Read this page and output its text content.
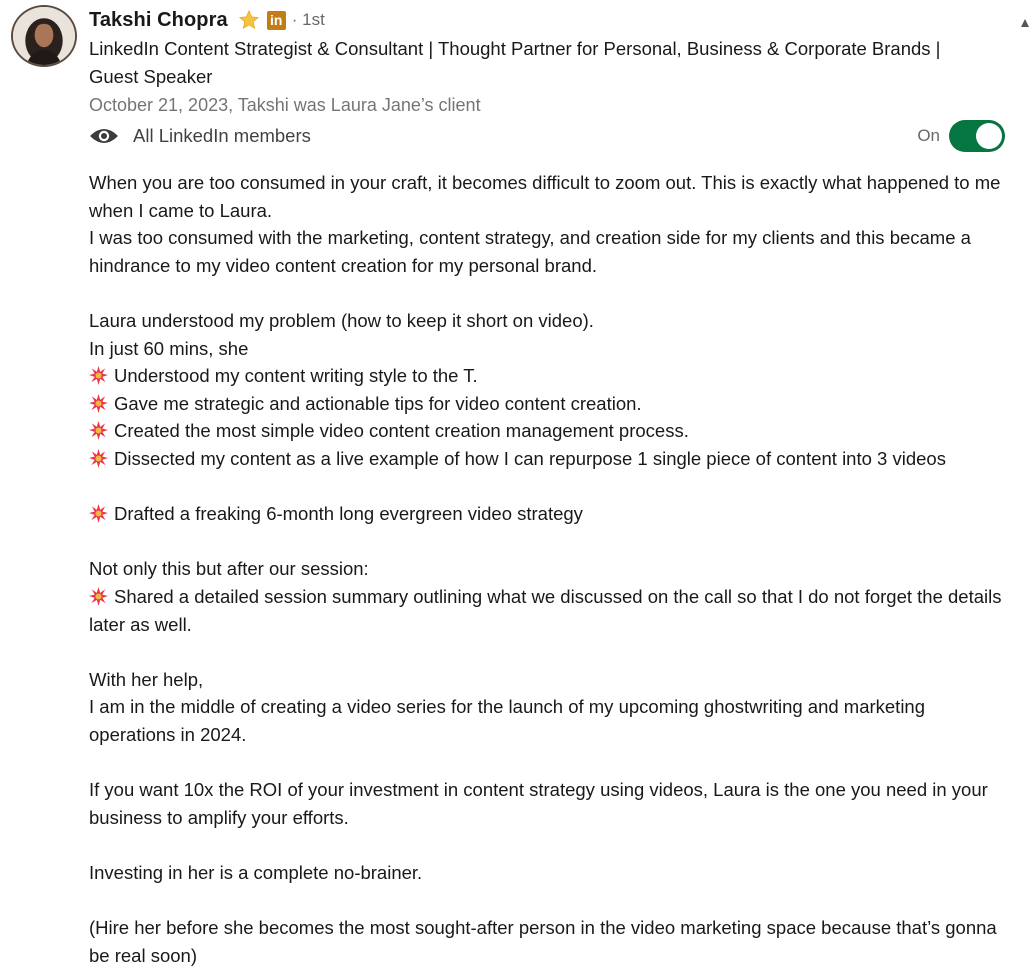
Takshi Chopra	in · 1st
LinkedIn Content Strategist & Consultant | Thought Partner for Personal, Business & Corporate Brands | Guest Speaker
October 21, 2023, Takshi was Laura Jane’s client
All LinkedIn members	On

When you are too consumed in your craft, it becomes difficult to zoom out. This is exactly what happened to me when I came to Laura.

I was too consumed with the marketing, content strategy, and creation side for my clients and this became a hindrance to my video content creation for my personal brand.

Laura understood my problem (how to keep it short on video).

In just 60 mins, she

Understood my content writing style to the T.

Gave me strategic and actionable tips for video content creation.

Created the most simple video content creation management process.

Dissected my content as a live example of how I can repurpose 1 single piece of content into 3 videos

Drafted a freaking 6-month long evergreen video strategy

Not only this but after our session:

Shared a detailed session summary outlining what we discussed on the call so that I do not forget the details later as well.

With her help,

I am in the middle of creating a video series for the launch of my upcoming ghostwriting and marketing operations in 2024.

If you want 10x the ROI of your investment in content strategy using videos, Laura is the one you need in your business to amplify your efforts.

Investing in her is a complete no-brainer.

(Hire her before she becomes the most sought-after person in the video marketing space because that’s gonna be real soon)
